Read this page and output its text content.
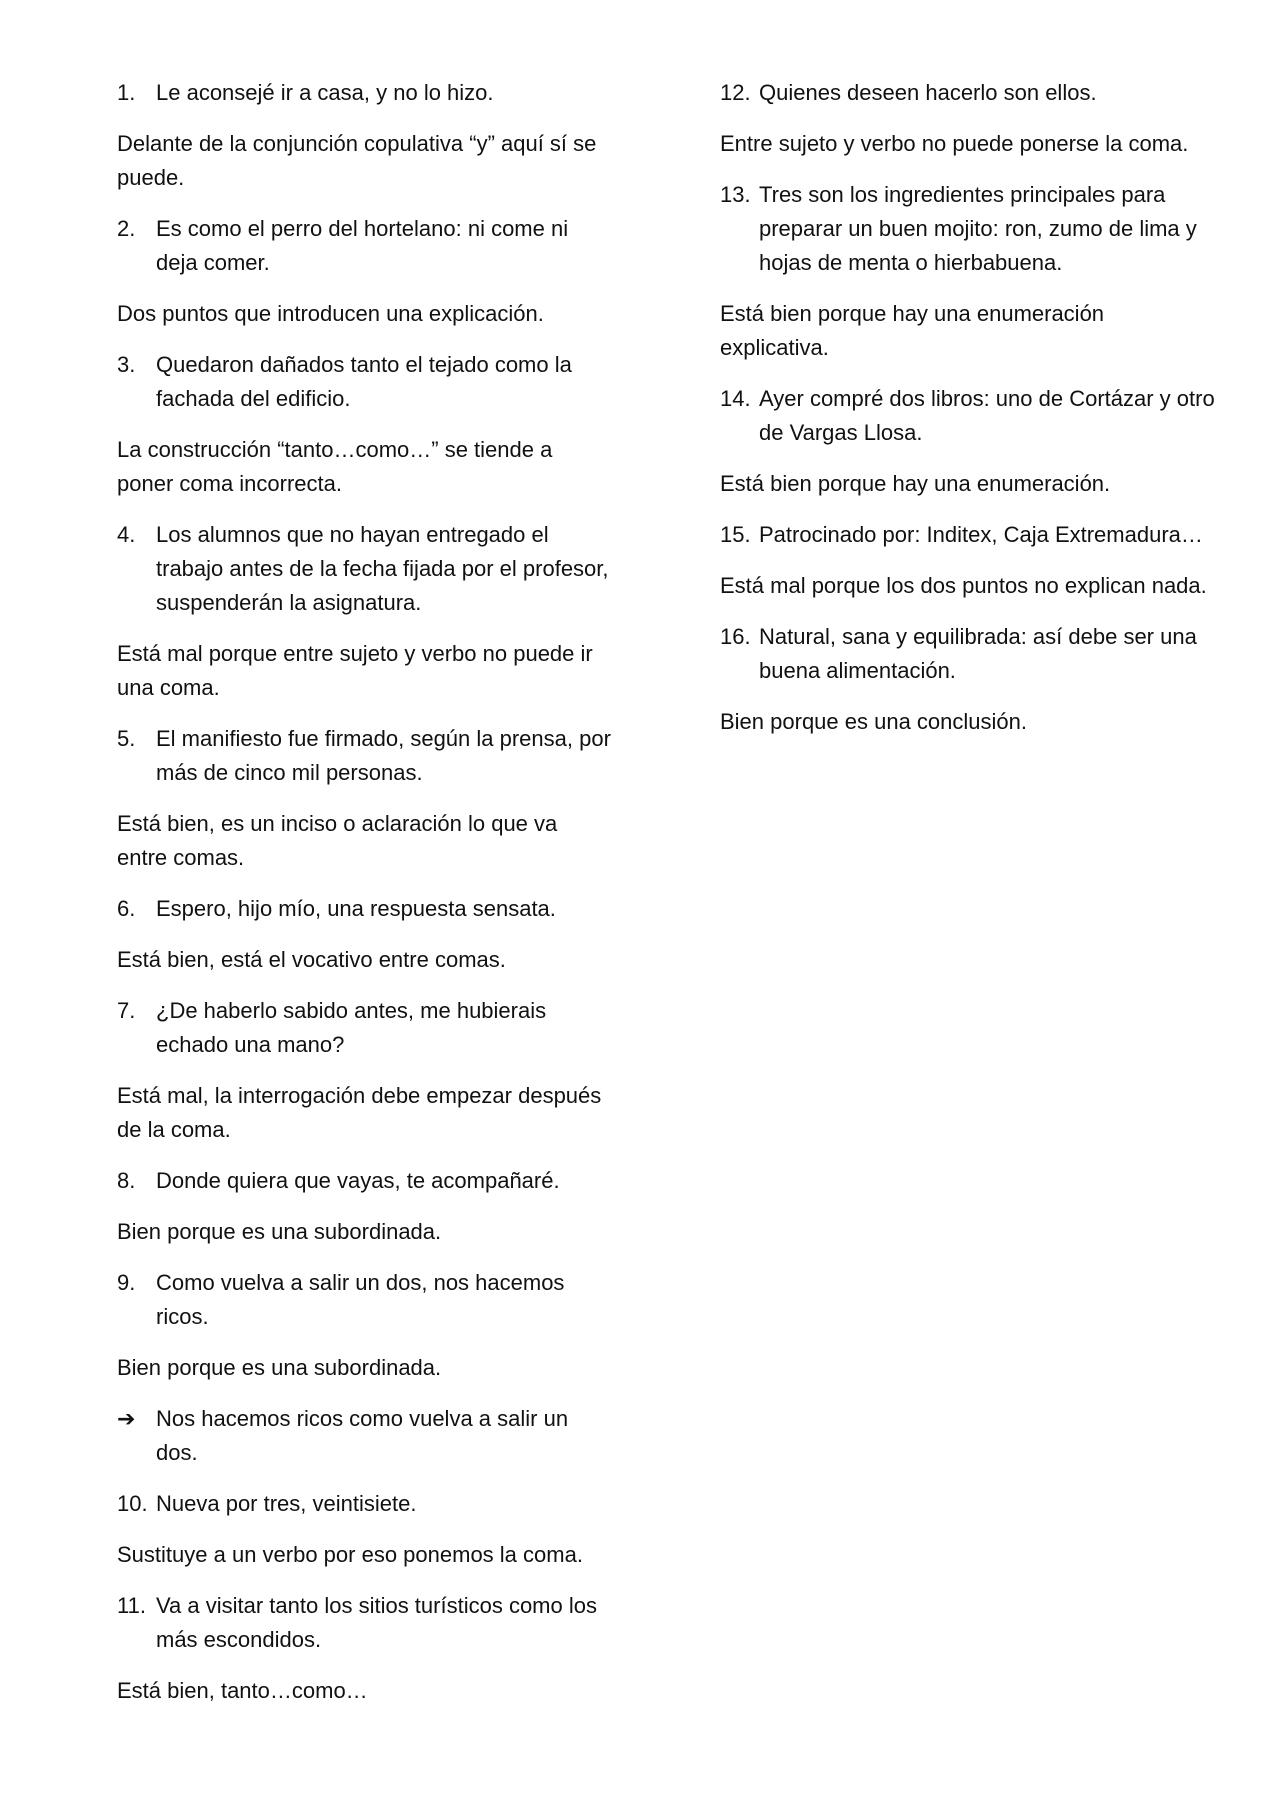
1. Le aconsejé ir a casa, y no lo hizo.
Delante de la conjunción copulativa “y” aquí sí se puede.
2. Es como el perro del hortelano: ni come ni deja comer.
Dos puntos que introducen una explicación.
3. Quedaron dañados tanto el tejado como la fachada del edificio.
La construcción “tanto…como…” se tiende a poner coma incorrecta.
4. Los alumnos que no hayan entregado el trabajo antes de la fecha fijada por el profesor, suspenderán la asignatura.
Está mal porque entre sujeto y verbo no puede ir una coma.
5. El manifiesto fue firmado, según la prensa, por más de cinco mil personas.
Está bien, es un inciso o aclaración lo que va entre comas.
6. Espero, hijo mío, una respuesta sensata.
Está bien, está el vocativo entre comas.
7. ¿De haberlo sabido antes, me hubierais echado una mano?
Está mal, la interrogación debe empezar después de la coma.
8. Donde quiera que vayas, te acompañaré.
Bien porque es una subordinada.
9. Como vuelva a salir un dos, nos hacemos ricos.
Bien porque es una subordinada.
➔ Nos hacemos ricos como vuelva a salir un dos.
10. Nueva por tres, veintisiete.
Sustituye a un verbo por eso ponemos la coma.
11. Va a visitar tanto los sitios turísticos como los más escondidos.
Está bien, tanto…como…
12. Quienes deseen hacerlo son ellos.
Entre sujeto y verbo no puede ponerse la coma.
13. Tres son los ingredientes principales para preparar un buen mojito: ron, zumo de lima y hojas de menta o hierbabuena.
Está bien porque hay una enumeración explicativa.
14. Ayer compré dos libros: uno de Cortázar y otro de Vargas Llosa.
Está bien porque hay una enumeración.
15. Patrocinado por: Inditex, Caja Extremadura…
Está mal porque los dos puntos no explican nada.
16. Natural, sana y equilibrada: así debe ser una buena alimentación.
Bien porque es una conclusión.
